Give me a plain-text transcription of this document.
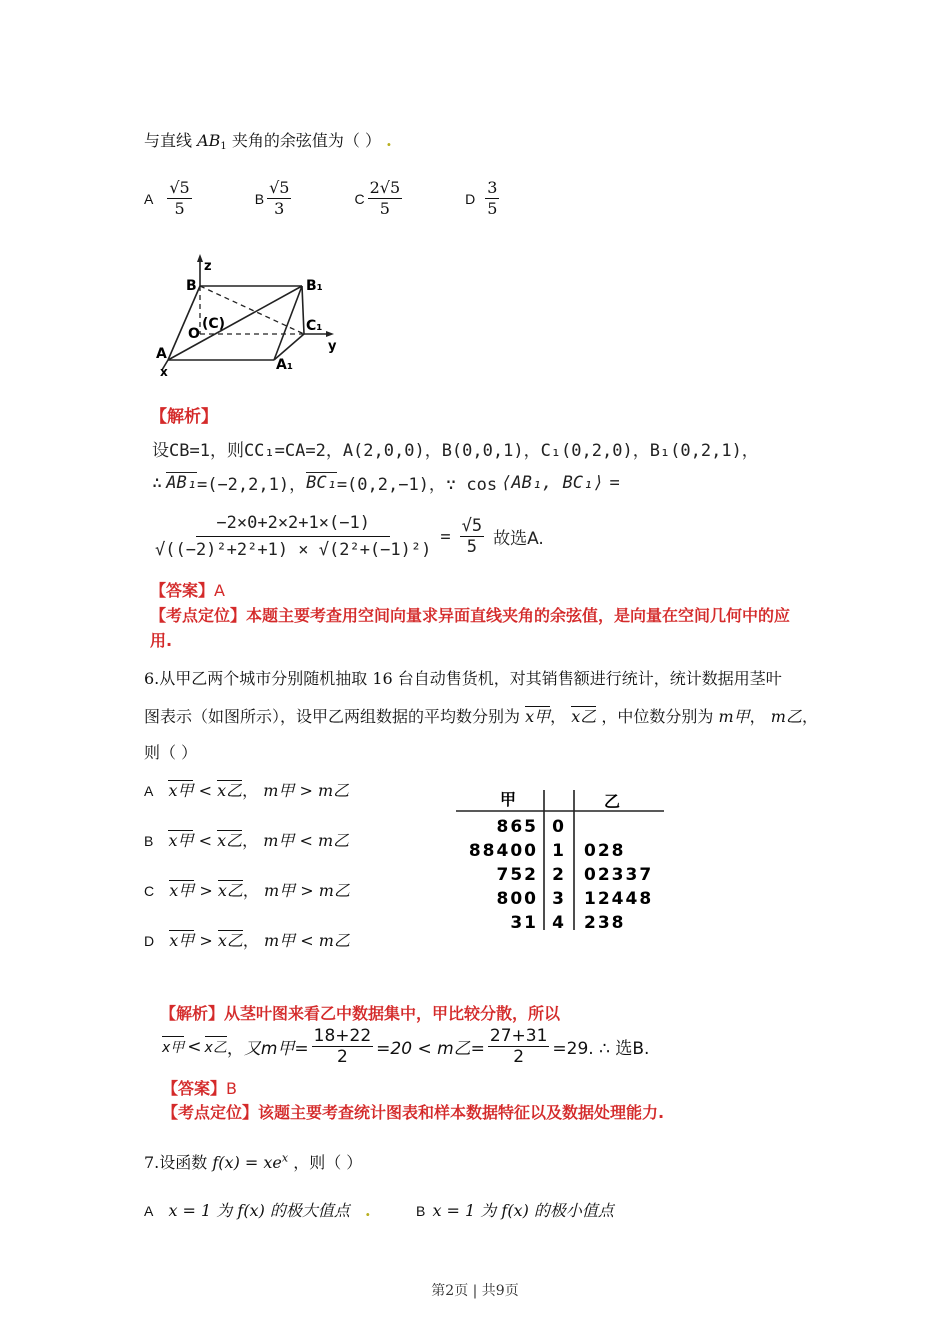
与直线 $AB_1$ 夹角的余弦值为（ ） .
A $\frac{√5}{5}$	B $\frac{√5}{3}$	C $\frac{2√5}{5}$	D $\frac{3}{5}$
z
y
x
B	B₁
(C)
O	C₁
A
A₁
【解析】
设CB=1，则CC₁=CA=2，A(2,0,0)，B(0,0,1)，C₁(0,2,0)，B₁(0,2,1)，
∴ AB₁ =(−2,2,1)， BC₁ =(0,2,−1)，∵ cos ⟨AB₁, BC₁⟩ =
$\frac{-2\times 0+2\times 2+1\times(-1)}{\text{√((−2)²+2²+1) × √(2²+(−1)²)}} = \frac{√5}{5}$ 故选A.
【答案】A
【考点定位】本题主要考查用空间向量求异面直线夹角的余弦值，是向量在空间几何中的应
用.
6.从甲乙两个城市分别随机抽取 16 台自动售货机，对其销售额进行统计，统计数据用茎叶
图表示（如图所示），设甲乙两组数据的平均数分别为 x甲， x乙 ，中位数分别为 m甲， m乙，
则（ ）
A x甲 < x乙， m甲 > m乙
B x甲 < x乙， m甲 < m乙
C x甲 > x乙， m甲 > m乙
D x甲 > x乙， m甲 < m乙
甲	乙
865 0
88400 1 028
752 2 02337
800 3 12448
31 4 238
【解析】从茎叶图来看乙中数据集中，甲比较分散，所以
x甲 < x乙 ， 又m甲= $\frac{18+22}{2} =20 < m$乙= $\frac{27+31}{2} =29$. ∴ 选B.
【答案】B
【考点定位】该题主要考查统计图表和样本数据特征以及数据处理能力.
7.设函数 $f(x) = xe^x$ ，则（ ）
A x = 1 为 f(x) 的极大值点 .	B x = 1 为 f(x) 的极小值点
第2页 | 共9页
